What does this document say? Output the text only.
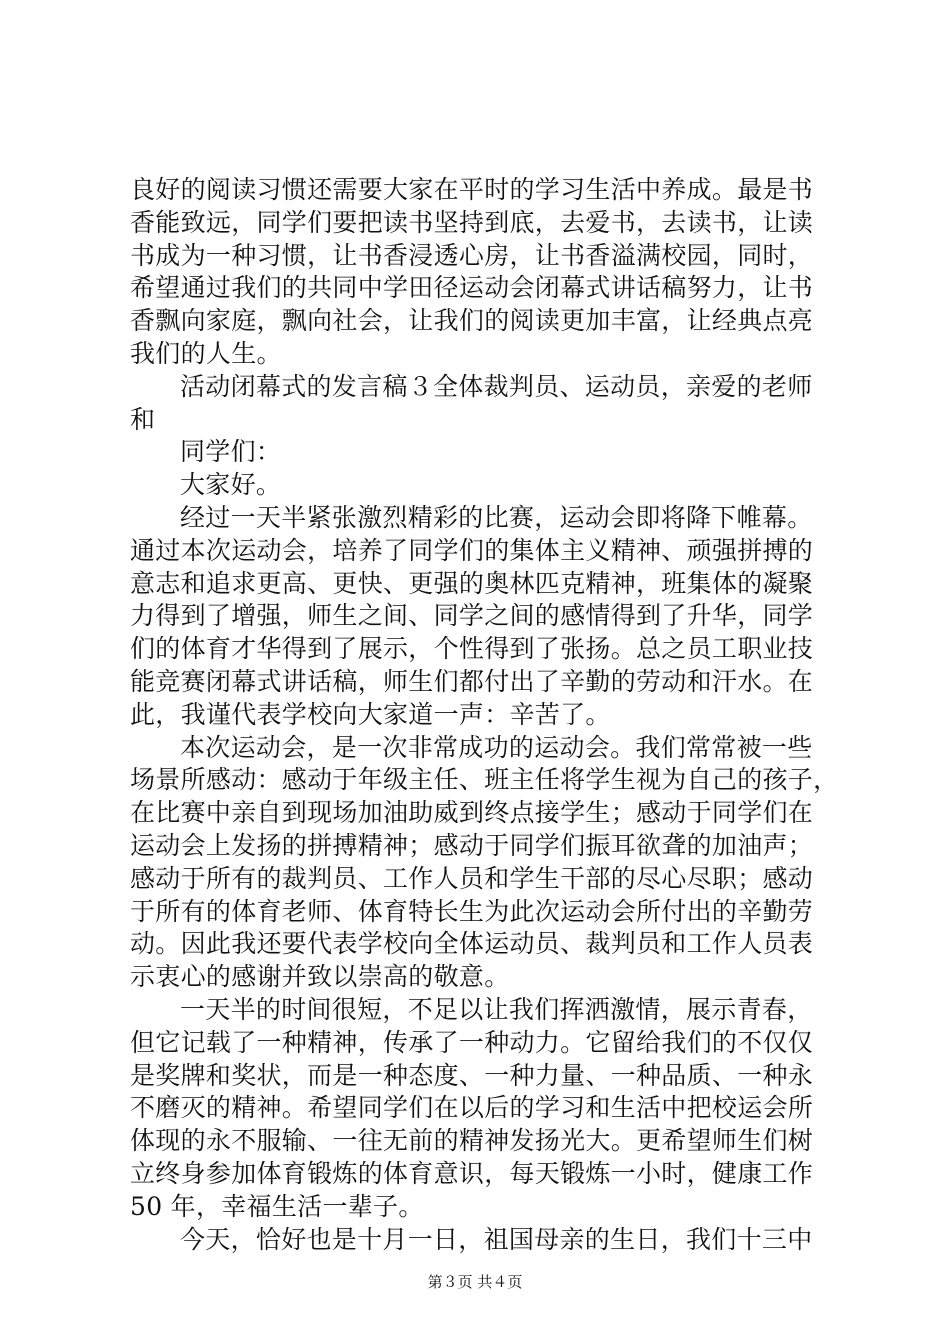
良好的阅读习惯还需要大家在平时的学习生活中养成。最是书
香能致远，同学们要把读书坚持到底，去爱书，去读书，让读
书成为一种习惯，让书香浸透心房，让书香溢满校园，同时，
希望通过我们的共同中学田径运动会闭幕式讲话稿努力，让书
香飘向家庭，飘向社会，让我们的阅读更加丰富，让经典点亮
我们的人生。
活动闭幕式的发言稿３全体裁判员、运动员，亲爱的老师
和
同学们：
大家好。
经过一天半紧张激烈精彩的比赛，运动会即将降下帷幕。
通过本次运动会，培养了同学们的集体主义精神、顽强拼搏的
意志和追求更高、更快、更强的奥林匹克精神，班集体的凝聚
力得到了增强，师生之间、同学之间的感情得到了升华，同学
们的体育才华得到了展示，个性得到了张扬。总之员工职业技
能竞赛闭幕式讲话稿，师生们都付出了辛勤的劳动和汗水。在
此，我谨代表学校向大家道一声：辛苦了。
本次运动会，是一次非常成功的运动会。我们常常被一些
场景所感动：感动于年级主任、班主任将学生视为自己的孩子，
在比赛中亲自到现场加油助威到终点接学生；感动于同学们在
运动会上发扬的拼搏精神；感动于同学们振耳欲聋的加油声；
感动于所有的裁判员、工作人员和学生干部的尽心尽职；感动
于所有的体育老师、体育特长生为此次运动会所付出的辛勤劳
动。因此我还要代表学校向全体运动员、裁判员和工作人员表
示衷心的感谢并致以崇高的敬意。
一天半的时间很短，不足以让我们挥洒激情，展示青春，
但它记载了一种精神，传承了一种动力。它留给我们的不仅仅
是奖牌和奖状，而是一种态度、一种力量、一种品质、一种永
不磨灭的精神。希望同学们在以后的学习和生活中把校运会所
体现的永不服输、一往无前的精神发扬光大。更希望师生们树
立终身参加体育锻炼的体育意识，每天锻炼一小时，健康工作
50 年，幸福生活一辈子。
今天，恰好也是十月一日，祖国母亲的生日，我们十三中
第３页 共４页
